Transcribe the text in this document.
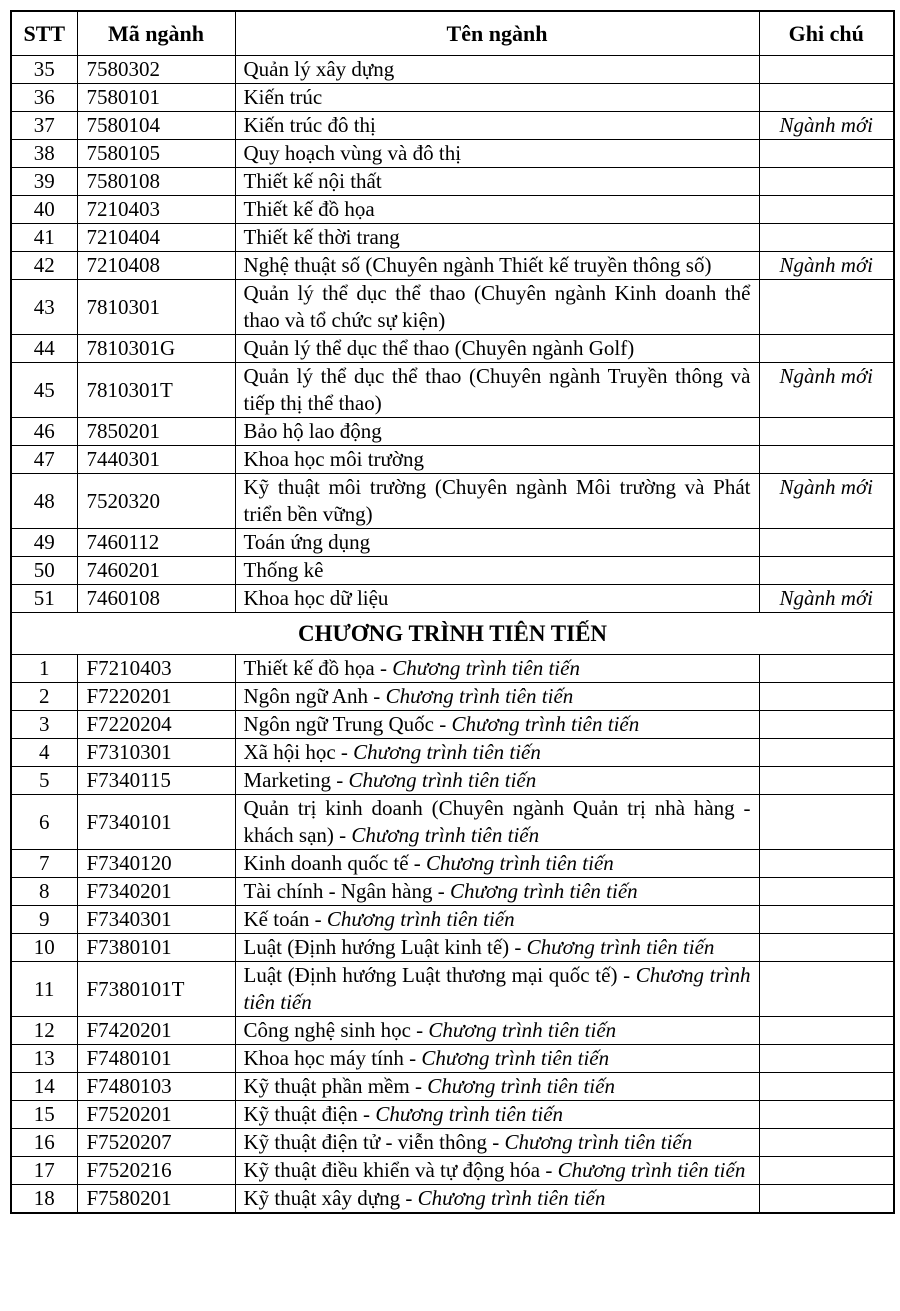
STT	Mã ngành	Tên ngành	Ghi chú
35	7580302	Quản lý xây dựng	
36	7580101	Kiến trúc	
37	7580104	Kiến trúc đô thị	Ngành mới
38	7580105	Quy hoạch vùng và đô thị	
39	7580108	Thiết kế nội thất	
40	7210403	Thiết kế đồ họa	
41	7210404	Thiết kế thời trang	
42	7210408	Nghệ thuật số (Chuyên ngành Thiết kế truyền thông số)	Ngành mới
43	7810301	Quản lý thể dục thể thao (Chuyên ngành Kinh doanh thể thao và tổ chức sự kiện)	
44	7810301G	Quản lý thể dục thể thao (Chuyên ngành Golf)	
45	7810301T	Quản lý thể dục thể thao (Chuyên ngành Truyền thông và tiếp thị thể thao)	Ngành mới
46	7850201	Bảo hộ lao động	
47	7440301	Khoa học môi trường	
48	7520320	Kỹ thuật môi trường (Chuyên ngành Môi trường và Phát triển bền vững)	Ngành mới
49	7460112	Toán ứng dụng	
50	7460201	Thống kê	
51	7460108	Khoa học dữ liệu	Ngành mới
CHƯƠNG TRÌNH TIÊN TIẾN			
1	F7210403	Thiết kế đồ họa - Chương trình tiên tiến	
2	F7220201	Ngôn ngữ Anh - Chương trình tiên tiến	
3	F7220204	Ngôn ngữ Trung Quốc - Chương trình tiên tiến	
4	F7310301	Xã hội học - Chương trình tiên tiến	
5	F7340115	Marketing - Chương trình tiên tiến	
6	F7340101	Quản trị kinh doanh (Chuyên ngành Quản trị nhà hàng - khách sạn) - Chương trình tiên tiến	
7	F7340120	Kinh doanh quốc tế - Chương trình tiên tiến	
8	F7340201	Tài chính - Ngân hàng - Chương trình tiên tiến	
9	F7340301	Kế toán - Chương trình tiên tiến	
10	F7380101	Luật (Định hướng Luật kinh tế) - Chương trình tiên tiến	
11	F7380101T	Luật (Định hướng Luật thương mại quốc tế) - Chương trình tiên tiến	
12	F7420201	Công nghệ sinh học - Chương trình tiên tiến	
13	F7480101	Khoa học máy tính - Chương trình tiên tiến	
14	F7480103	Kỹ thuật phần mềm - Chương trình tiên tiến	
15	F7520201	Kỹ thuật điện - Chương trình tiên tiến	
16	F7520207	Kỹ thuật điện tử - viễn thông - Chương trình tiên tiến	
17	F7520216	Kỹ thuật điều khiển và tự động hóa - Chương trình tiên tiến	
18	F7580201	Kỹ thuật xây dựng - Chương trình tiên tiến	
